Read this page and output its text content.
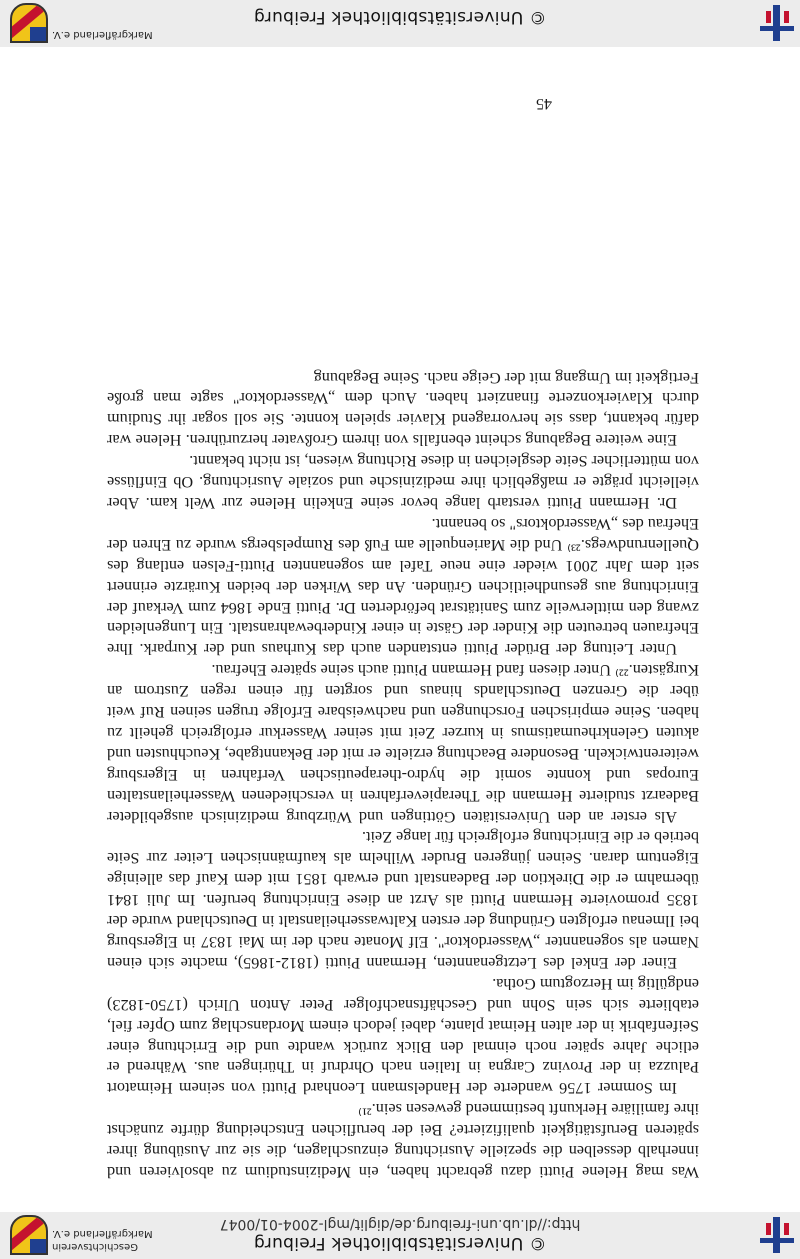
© Universitätsbibliothek Freiburg
http://dl.ub.uni-freiburg.de/diglit/mgl-2004-01/0047
Geschichtsverein Markgräflerland e.V.

Was mag Helene Piutti dazu gebracht haben, ein Medizinstudium zu absolvieren und innerhalb desselben die spezielle Ausrichtung einzuschlagen, die sie zur Ausübung ihrer späteren Berufstätigkeit qualifizierte? Bei der beruflichen Entscheidung dürfte zunächst ihre familiäre Herkunft bestimmend gewesen sein.²¹⁾

Im Sommer 1756 wanderte der Handelsmann Leonhard Piutti von seinem Heimatort Paluzza in der Provinz Cargna in Italien nach Ohrdruf in Thüringen aus. Während er etliche Jahre später noch einmal den Blick zurück wandte und die Errichtung einer Seifenfabrik in der alten Heimat plante, dabei jedoch einem Mordanschlag zum Opfer fiel, etablierte sich sein Sohn und Geschäftsnachfolger Peter Anton Ulrich (1750-1823) endgültig im Herzogtum Gotha.

Einer der Enkel des Letztgenannten, Hermann Piutti (1812-1865), machte sich einen Namen als sogenannter „Wasserdoktor". Elf Monate nach der im Mai 1837 in Elgersburg bei Ilmenau erfolgten Gründung der ersten Kaltwasserheilanstalt in Deutschland wurde der 1835 promovierte Hermann Piutti als Arzt an diese Einrichtung berufen. Im Juli 1841 übernahm er die Direktion der Badeanstalt und erwarb 1851 mit dem Kauf das alleinige Eigentum daran. Seinen jüngeren Bruder Wilhelm als kaufmännischen Leiter zur Seite betrieb er die Einrichtung erfolgreich für lange Zeit.

Als erster an den Universitäten Göttingen und Würzburg medizinisch ausgebildeter Badearzt studierte Hermann die Therapieverfahren in verschiedenen Wasserheilanstalten Europas und konnte somit die hydro-therapeutischen Verfahren in Elgersburg weiterentwickeln. Besondere Beachtung erzielte er mit der Bekanntgabe, Keuchhusten und akuten Gelenkrheumatismus in kurzer Zeit mit seiner Wasserkur erfolgreich geheilt zu haben. Seine empirischen Forschungen und nachweisbare Erfolge trugen seinen Ruf weit über die Grenzen Deutschlands hinaus und sorgten für einen regen Zustrom an Kurgästen.²²⁾ Unter diesen fand Hermann Piutti auch seine spätere Ehefrau.

Unter Leitung der Brüder Piutti entstanden auch das Kurhaus und der Kurpark. Ihre Ehefrauen betreuten die Kinder der Gäste in einer Kinderbewahranstalt. Ein Lungenleiden zwang den mittlerweile zum Sanitätsrat beförderten Dr. Piutti Ende 1864 zum Verkauf der Einrichtung aus gesundheitlichen Gründen. An das Wirken der beiden Kurärzte erinnert seit dem Jahr 2001 wieder eine neue Tafel am sogenannten Piutti-Felsen entlang des Quellenrundwegs.²³⁾ Und die Marienquelle am Fuß des Rumpelsbergs wurde zu Ehren der Ehefrau des „Wasserdoktors" so benannt.

Dr. Hermann Piutti verstarb lange bevor seine Enkelin Helene zur Welt kam. Aber vielleicht prägte er maßgeblich ihre medizinische und soziale Ausrichtung. Ob Einflüsse von mütterlicher Seite desgleichen in diese Richtung wiesen, ist nicht bekannt.

Eine weitere Begabung scheint ebenfalls von ihrem Großvater herzurühren. Helene war dafür bekannt, dass sie hervorragend Klavier spielen konnte. Sie soll sogar ihr Studium durch Klavierkonzerte finanziert haben. Auch dem „Wasserdoktor" sagte man große Fertigkeit im Umgang mit der Geige nach. Seine Begabung

45
© Universitätsbibliothek Freiburg
Markgräflerland e.V.
